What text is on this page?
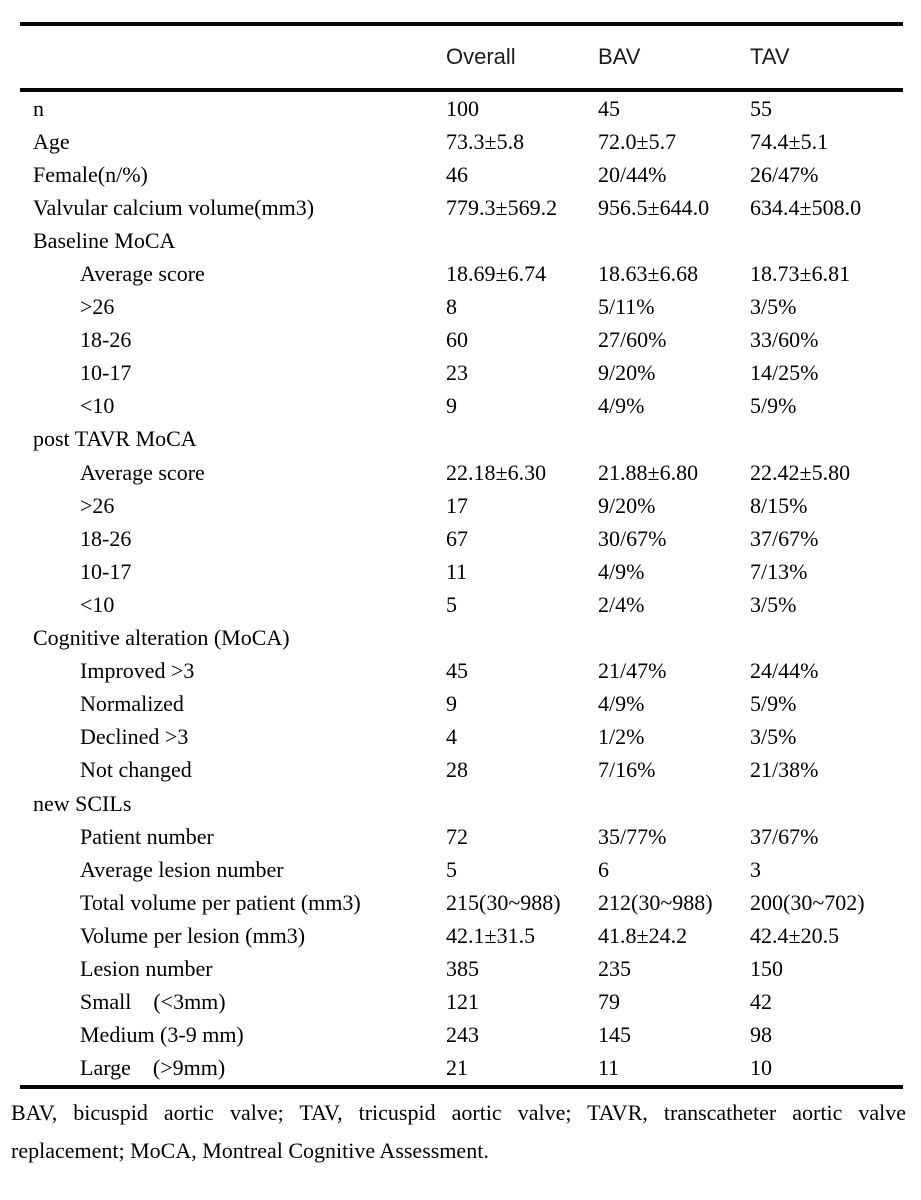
Overall	BAV	TAV
n	100	45	55
Age	73.3±5.8	72.0±5.7	74.4±5.1
Female(n/%)	46	20/44%	26/47%
Valvular calcium volume(mm3)	779.3±569.2	956.5±644.0	634.4±508.0
Baseline MoCA
Average score	18.69±6.74	18.63±6.68	18.73±6.81
>26	8	5/11%	3/5%
18-26	60	27/60%	33/60%
10-17	23	9/20%	14/25%
<10	9	4/9%	5/9%
post TAVR MoCA
Average score	22.18±6.30	21.88±6.80	22.42±5.80
>26	17	9/20%	8/15%
18-26	67	30/67%	37/67%
10-17	11	4/9%	7/13%
<10	5	2/4%	3/5%
Cognitive alteration (MoCA)
Improved >3	45	21/47%	24/44%
Normalized	9	4/9%	5/9%
Declined >3	4	1/2%	3/5%
Not changed	28	7/16%	21/38%
new SCILs
Patient number	72	35/77%	37/67%
Average lesion number	5	6	3
Total volume per patient (mm3)	215(30~988)	212(30~988)	200(30~702)
Volume per lesion (mm3)	42.1±31.5	41.8±24.2	42.4±20.5
Lesion number	385	235	150
Small    (<3mm)	121	79	42
Medium (3-9 mm)	243	145	98
Large    (>9mm)	21	11	10
BAV, bicuspid aortic valve; TAV, tricuspid aortic valve; TAVR, transcatheter aortic valve
replacement; MoCA, Montreal Cognitive Assessment.
